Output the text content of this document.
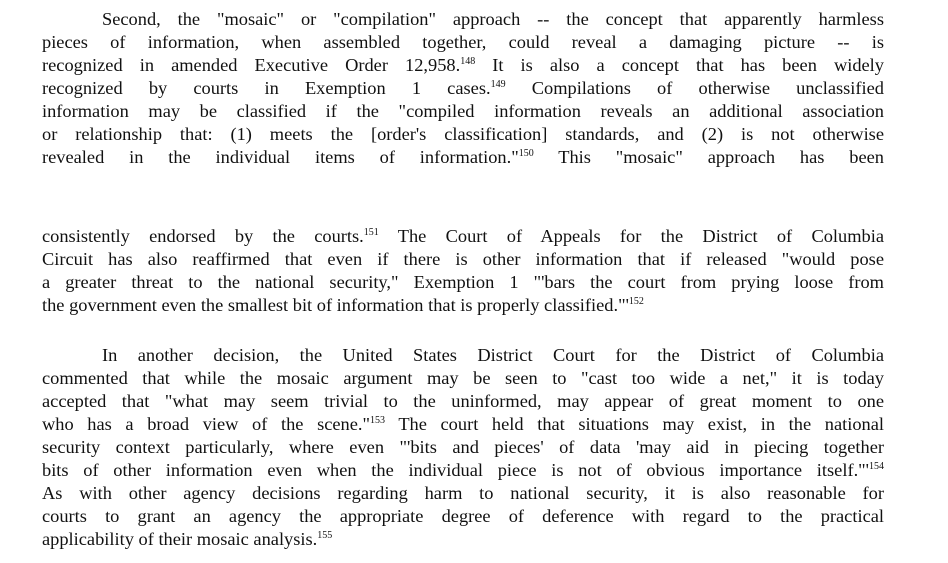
Second, the "mosaic" or "compilation" approach -- the concept that apparently harmless
pieces of information, when assembled together, could reveal a damaging picture -- is
recognized in amended Executive Order 12,958.$^{148}$ It is also a concept that has been widely
recognized by courts in Exemption 1 cases.$^{149}$ Compilations of otherwise unclassified
information may be classified if the "compiled information reveals an additional association
or relationship that: (1) meets the [order's classification] standards, and (2) is not otherwise
revealed in the individual items of information."$^{150}$ This "mosaic" approach has been
consistently endorsed by the courts.$^{151}$ The Court of Appeals for the District of Columbia
Circuit has also reaffirmed that even if there is other information that if released "would pose
a greater threat to the national security," Exemption 1 "'bars the court from prying loose from
the government even the smallest bit of information that is properly $classified."'^{152}$
In another decision, the United States District Court for the District of Columbia
commented that while the mosaic argument may be seen to "cast too wide a net," it is today
accepted that "what may seem trivial to the uninformed, may appear of great moment to one
who has a broad view of the scene."$^{153}$ The court held that situations may exist, in the national
security context particularly, where even "'bits and pieces' of data 'may aid in piecing together
bits of other information even when the individual piece is not of obvious importance $itself."'^{154}$
As with other agency decisions regarding harm to national security, it is also reasonable for
courts to grant an agency the appropriate degree of deference with regard to the practical
applicability of their mosaic analysis.$^{155}$
